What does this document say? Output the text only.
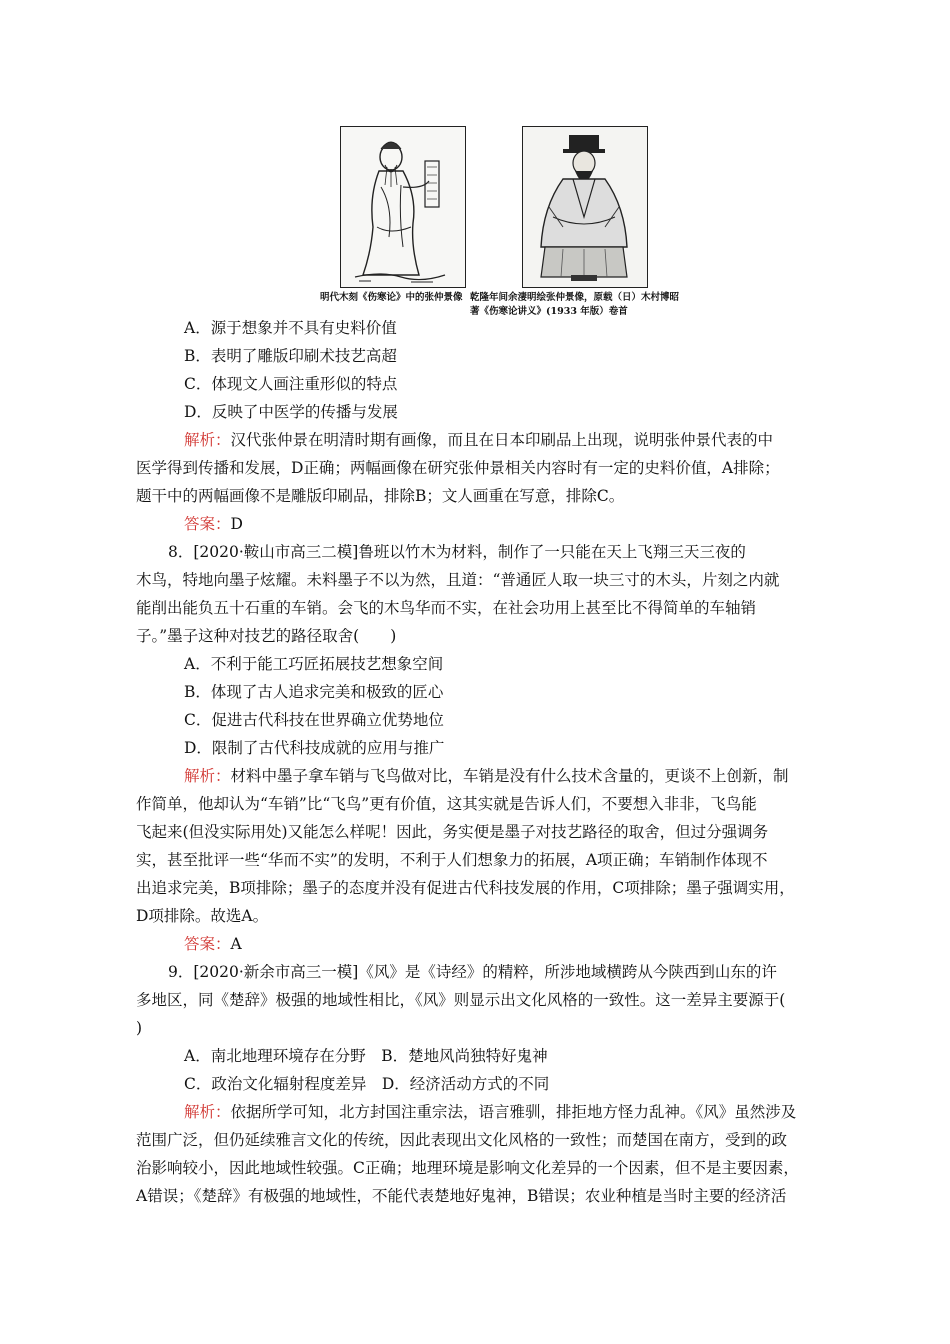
明代木刻《伤寒论》中的张仲景像 乾隆年间余淒明绘张仲景像，原载（日）木村博昭
著《伤寒论讲义》(1933 年版）卷首
A．源于想象并不具有史料价值
B．表明了雕版印刷术技艺高超
C．体现文人画注重形似的特点
D．反映了中医学的传播与发展
解析：汉代张仲景在明清时期有画像，而且在日本印刷品上出现，说明张仲景代表的中
医学得到传播和发展，D正确；两幅画像在研究张仲景相关内容时有一定的史料价值，A排除；
题干中的两幅画像不是雕版印刷品，排除B；文人画重在写意，排除C。
答案：D
8．[2020·鞍山市高三二模]鲁班以竹木为材料，制作了一只能在天上飞翔三天三夜的
木鸟，特地向墨子炫耀。未料墨子不以为然，且道：“普通匠人取一块三寸的木头，片刻之内就
能削出能负五十石重的车销。会飞的木鸟华而不实，在社会功用上甚至比不得简单的车轴销
子。”墨子这种对技艺的路径取舍(　　)
A．不利于能工巧匠拓展技艺想象空间
B．体现了古人追求完美和极致的匠心
C．促进古代科技在世界确立优势地位
D．限制了古代科技成就的应用与推广
解析：材料中墨子拿车销与飞鸟做对比，车销是没有什么技术含量的，更谈不上创新，制
作简单，他却认为“车销”比“飞鸟”更有价值，这其实就是告诉人们，不要想入非非，飞鸟能
飞起来(但没实际用处)又能怎么样呢！因此，务实便是墨子对技艺路径的取舍，但过分强调务
实，甚至批评一些“华而不实”的发明，不利于人们想象力的拓展，A项正确；车销制作体现不
出追求完美，B项排除；墨子的态度并没有促进古代科技发展的作用，C项排除；墨子强调实用，
D项排除。故选A。
答案：A
9．[2020·新余市高三一模]《风》是《诗经》的精粹，所涉地域横跨从今陕西到山东的许
多地区，同《楚辞》极强的地域性相比，《风》则显示出文化风格的一致性。这一差异主要源于(
)
A．南北地理环境存在分野　B．楚地风尚独特好鬼神
C．政治文化辐射程度差异　D．经济活动方式的不同
解析：依据所学可知，北方封国注重宗法，语言雅驯，排拒地方怪力乱神。《风》虽然涉及
范围广泛，但仍延续雅言文化的传统，因此表现出文化风格的一致性；而楚国在南方，受到的政
治影响较小，因此地域性较强。C正确；地理环境是影响文化差异的一个因素，但不是主要因素，
A错误；《楚辞》有极强的地域性，不能代表楚地好鬼神，B错误；农业种植是当时主要的经济活
